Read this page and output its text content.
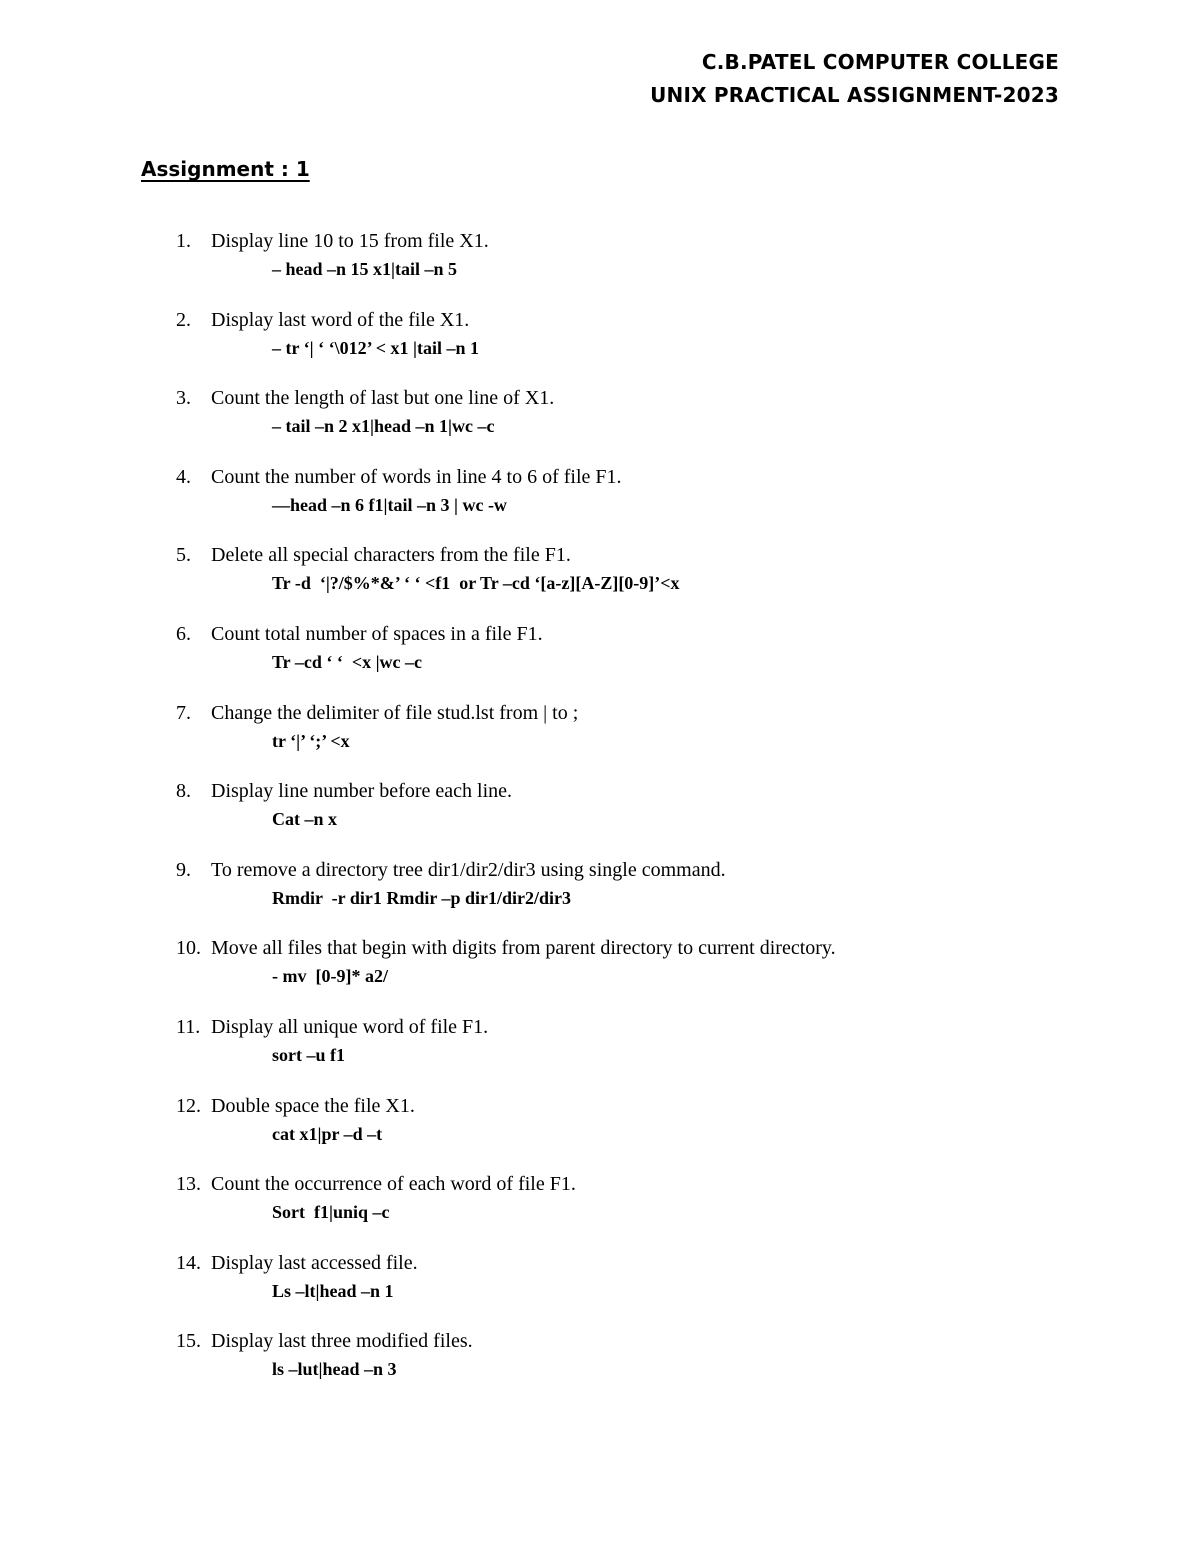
C.B.PATEL COMPUTER COLLEGE
UNIX PRACTICAL ASSIGNMENT-2023
Assignment : 1
1. Display line 10 to 15 from file X1.
– head –n 15 x1|tail –n 5
2. Display last word of the file X1.
– tr ‘| ‘ ‘\012’ < x1 |tail –n 1
3. Count the length of last but one line of X1.
– tail –n 2 x1|head –n 1|wc –c
4. Count the number of words in line 4 to 6 of file F1.
—head –n 6 f1|tail –n 3 | wc -w
5. Delete all special characters from the file F1.
Tr -d  ‘|?/$%*&’ ‘ ‘ <f1  or Tr –cd ‘[a-z][A-Z][0-9]’<x
6. Count total number of spaces in a file F1.
Tr –cd ‘ ‘  <x |wc –c
7. Change the delimiter of file stud.lst from | to ;
tr ‘|’ ‘;’ <x
8. Display line number before each line.
Cat –n x
9. To remove a directory tree dir1/dir2/dir3 using single command.
Rmdir  -r dir1 Rmdir –p dir1/dir2/dir3
10. Move all files that begin with digits from parent directory to current directory.
- mv  [0-9]* a2/
11. Display all unique word of file F1.
sort –u f1
12. Double space the file X1.
cat x1|pr –d –t
13. Count the occurrence of each word of file F1.
Sort  f1|uniq –c
14. Display last accessed file.
Ls –lt|head –n 1
15. Display last three modified files.
ls –lut|head –n 3
